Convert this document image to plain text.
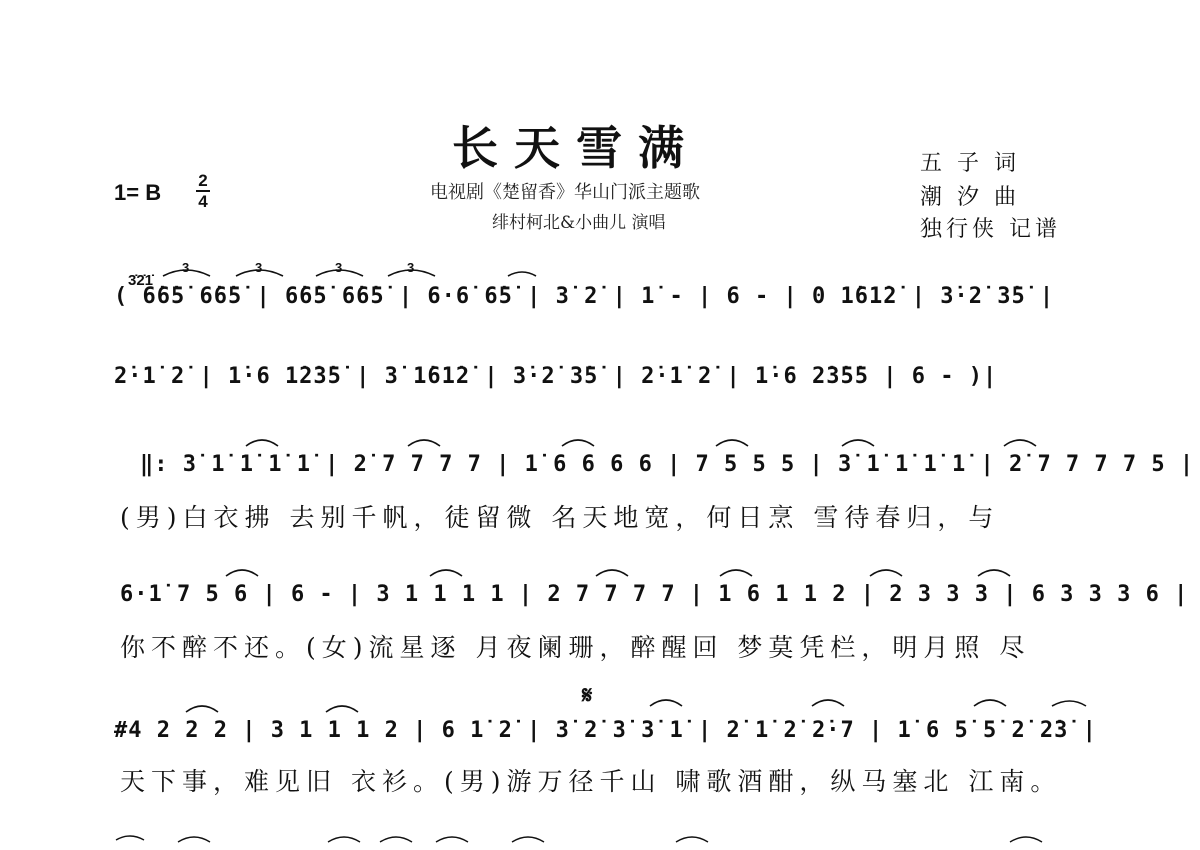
长天雪满
电视剧《楚留香》华山门派主题歌
绯村柯北&小曲儿 演唱
1= B 2
4
五 子 词
潮 汐 曲
独行侠 记谱
3̇2̇1̇
𝄋
( 6̇6̇5̇ 6̇6̇5̇ | 6̇6̇5̇ 6̇6̇5̇ | 6·6̇ 6̇5̇ | 3̇ 2̇ | 1̇ - | 6 - | 0 1̇61̇2̇ | 3̇·2̇ 3̇5̇ |
2̇·1̇ 2̇ | 1̇·6 1̇2̇3̇5̇ | 3̇ 1̇61̇2̇ | 3̇·2̇ 3̇5̇ | 2̇·1̇ 2̇ | 1̇·6 2̇3̇5̇5 | 6 - )|
‖: 3̇ 1̇ 1̇ 1̇ 1̇ | 2̇ 7 7 7 7 | 1̇ 6 6 6 6 | 7 5 5 5 | 3̇ 1̇ 1̇ 1̇ 1̇ | 2̇ 7 7 7 7 5 |
6·1̇ 7 5 6 | 6 - | 3 1 1 1 1 | 2 7 7 7 7 | 1 6 1 1 2 | 2 3 3 3 | 6 3 3 3 6 |
#4 2 2 2 | 3 1 1 1 2 | 6 1̇ 2̇ | 3̇ 2̇ 3̇ 3̇ 1̇ | 2̇ 1̇ 2̇ 2̇·7 | 1̇ 6 5̇ 5̇ 2̇ 2̇3̇ |
(男)白衣拂 去别千帆，徒留微 名天地宽，何日烹 雪待春归，与
你不醉不还。(女)流星逐 月夜阑珊，醉醒回 梦莫凭栏，明月照 尽
天下事，难见旧 衣衫。(男)游万径千山 啸歌酒酣，纵马塞北 江南。
3	3	3	3
